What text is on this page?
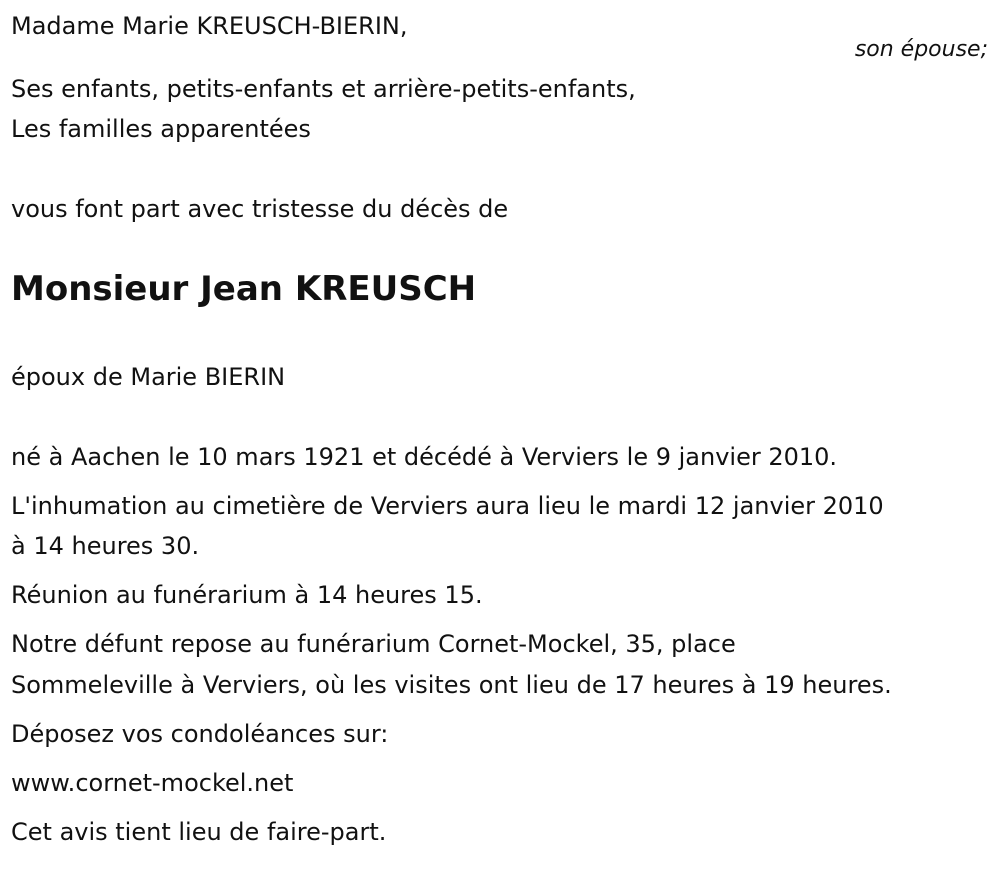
Madame Marie KREUSCH-BIERIN,
son épouse;
Ses enfants, petits-enfants et arrière-petits-enfants,
Les familles apparentées
vous font part avec tristesse du décès de
Monsieur Jean KREUSCH
époux de Marie BIERIN
né à Aachen le 10 mars 1921 et décédé à Verviers le 9 janvier 2010.
L'inhumation au cimetière de Verviers aura lieu le mardi 12 janvier 2010
à 14 heures 30.
Réunion au funérarium à 14 heures 15.
Notre défunt repose au funérarium Cornet-Mockel, 35, place
Sommeleville à Verviers, où les visites ont lieu de 17 heures à 19 heures.
Déposez vos condoléances sur:
www.cornet-mockel.net
Cet avis tient lieu de faire-part.
